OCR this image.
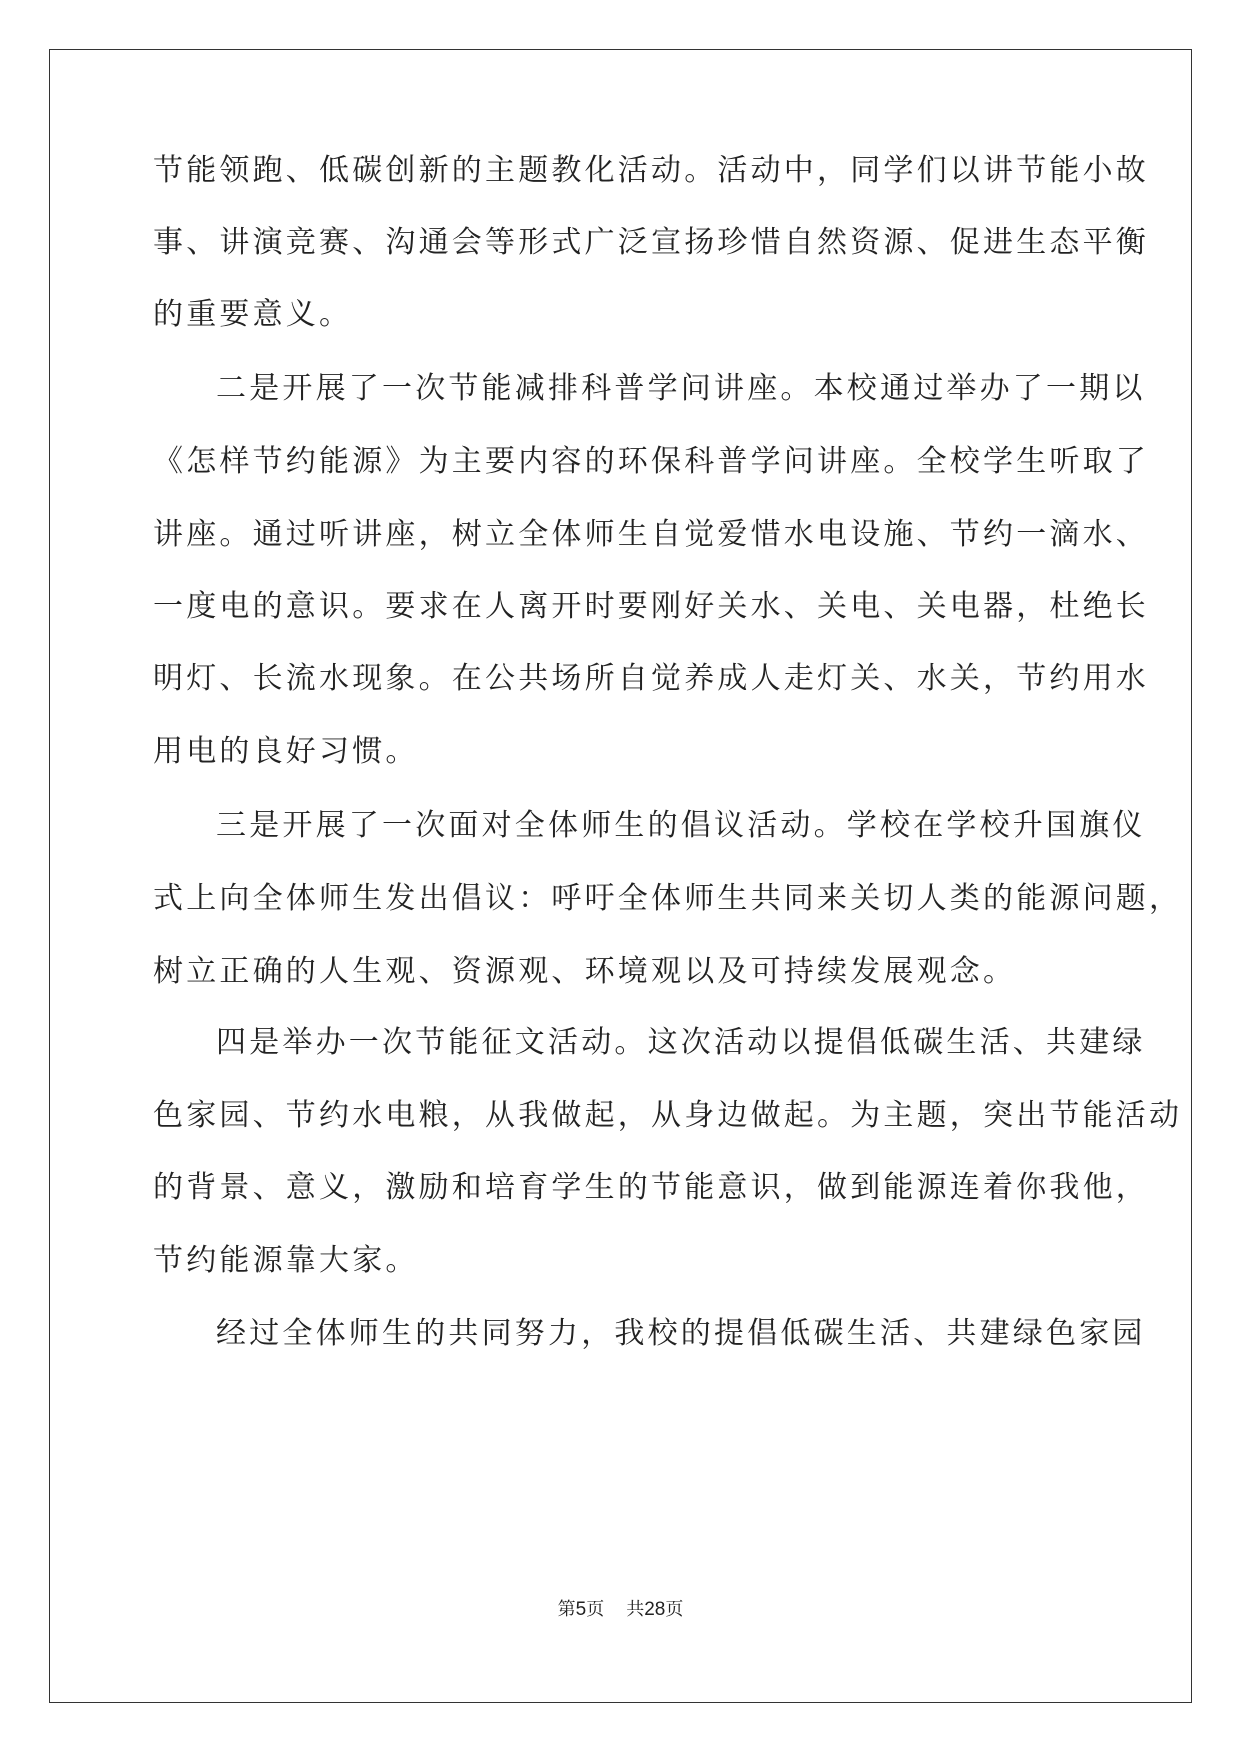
节能领跑、低碳创新的主题教化活动。活动中，同学们以讲节能小故
事、讲演竞赛、沟通会等形式广泛宣扬珍惜自然资源、促进生态平衡
的重要意义。
二是开展了一次节能减排科普学问讲座。本校通过举办了一期以
《怎样节约能源》为主要内容的环保科普学问讲座。全校学生听取了
讲座。通过听讲座，树立全体师生自觉爱惜水电设施、节约一滴水、
一度电的意识。要求在人离开时要刚好关水、关电、关电器，杜绝长
明灯、长流水现象。在公共场所自觉养成人走灯关、水关，节约用水
用电的良好习惯。
三是开展了一次面对全体师生的倡议活动。学校在学校升国旗仪
式上向全体师生发出倡议：呼吁全体师生共同来关切人类的能源问题，
树立正确的人生观、资源观、环境观以及可持续发展观念。
四是举办一次节能征文活动。这次活动以提倡低碳生活、共建绿
色家园、节约水电粮，从我做起，从身边做起。为主题，突出节能活动
的背景、意义，激励和培育学生的节能意识，做到能源连着你我他，
节约能源靠大家。
经过全体师生的共同努力，我校的提倡低碳生活、共建绿色家园
第5页 共28页
